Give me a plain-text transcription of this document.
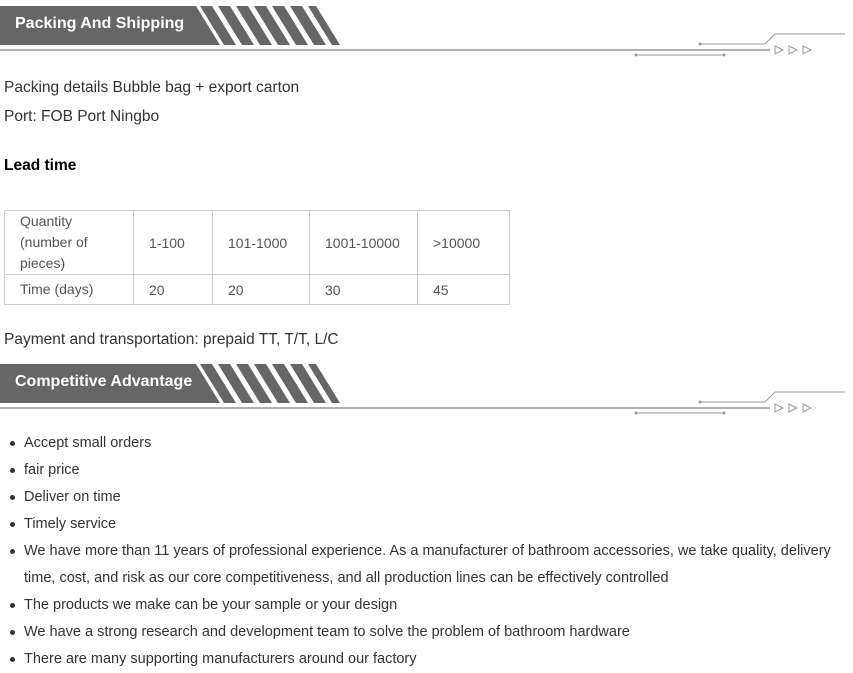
Packing And Shipping
Packing details Bubble bag + export carton
Port: FOB Port Ningbo
Lead time
Quantity (number of pieces)	1-100	101-1000	1001-10000	>10000
Time (days)	20	20	30	45
Payment and transportation: prepaid TT, T/T, L/C
Competitive Advantage
Accept small orders
fair price
Deliver on time
Timely service
We have more than 11 years of professional experience. As a manufacturer of bathroom accessories, we take quality, delivery time, cost, and risk as our core competitiveness, and all production lines can be effectively controlled
The products we make can be your sample or your design
We have a strong research and development team to solve the problem of bathroom hardware
There are many supporting manufacturers around our factory
